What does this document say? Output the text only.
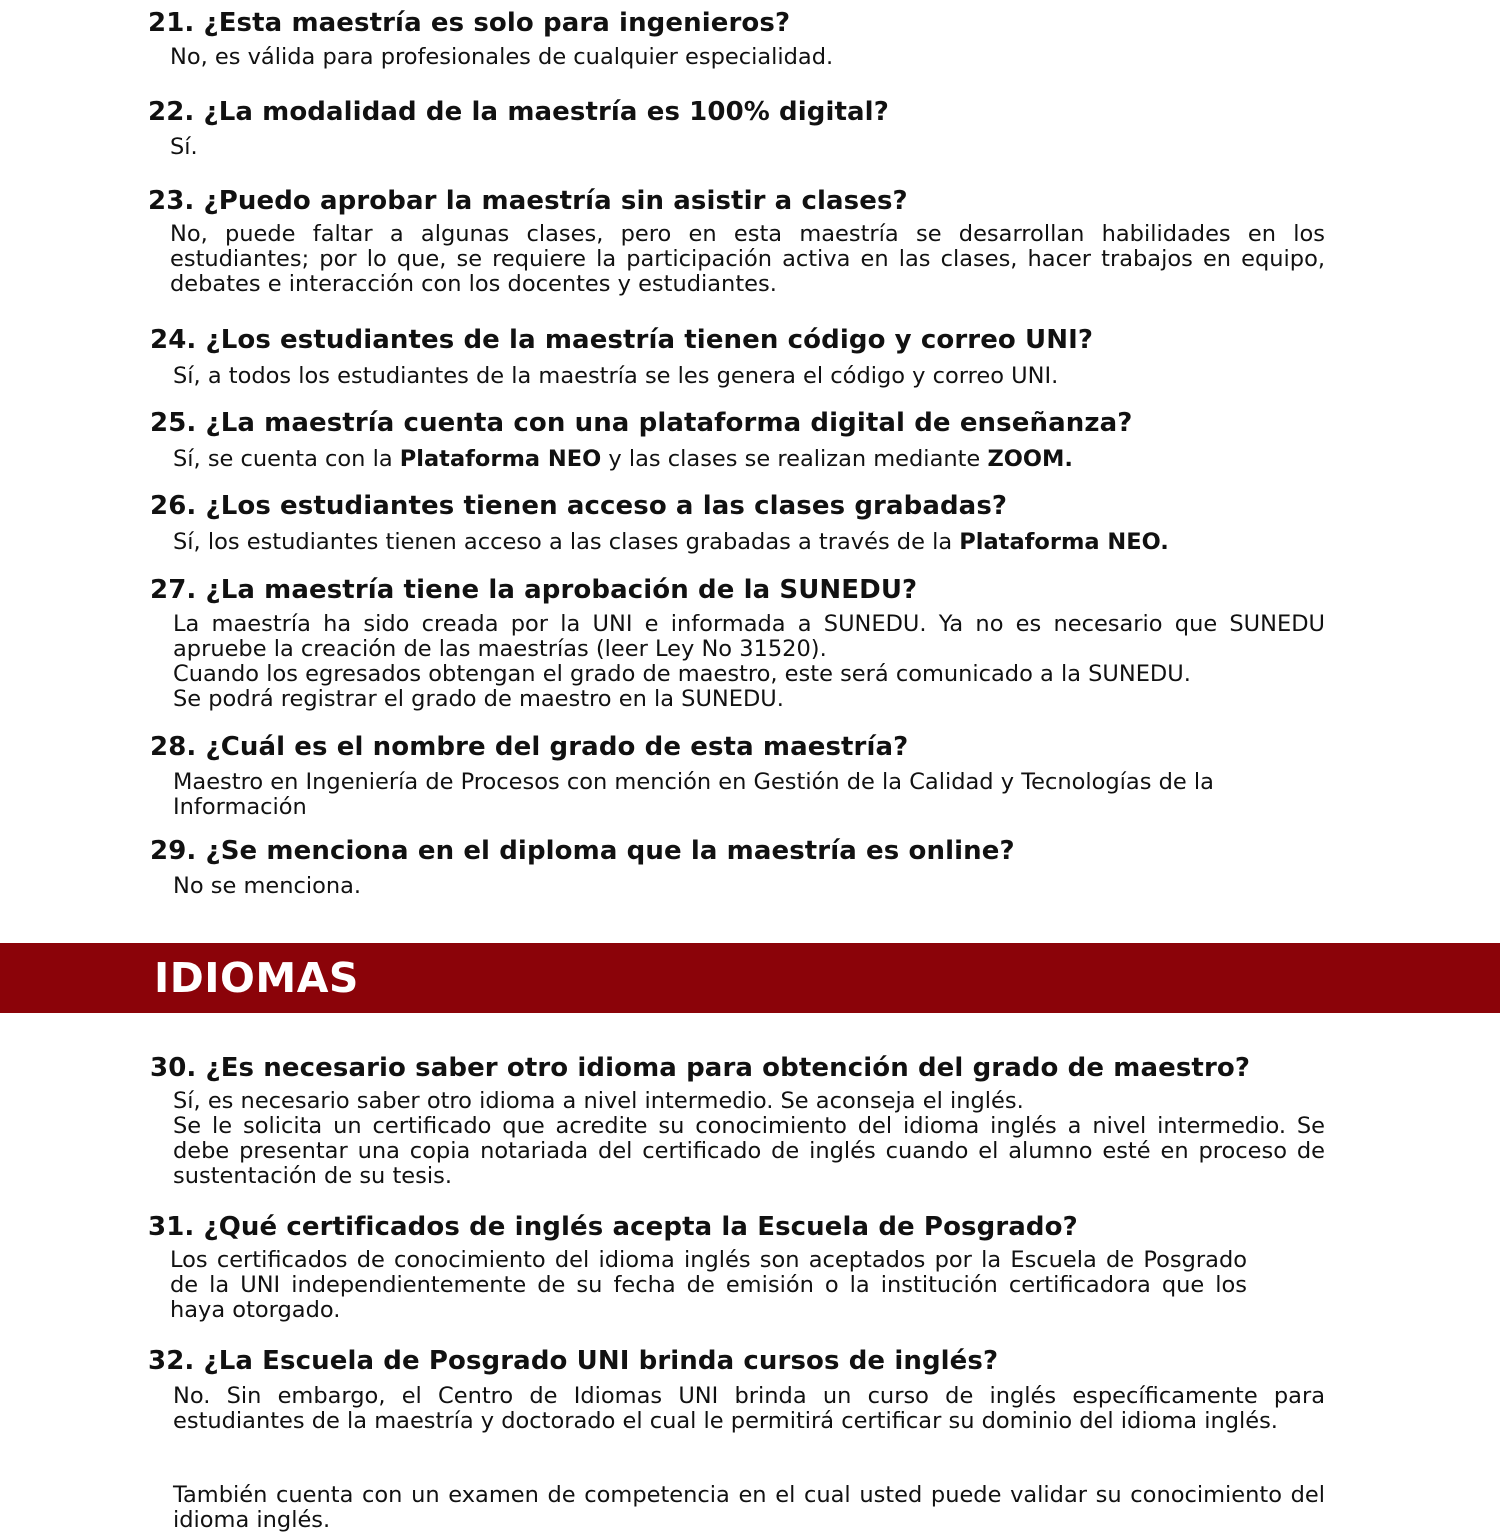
21. ¿Esta maestría es solo para ingenieros?

No, es válida para profesionales de cualquier especialidad.

22. ¿La modalidad de la maestría es 100% digital?

Sí.

23. ¿Puedo aprobar la maestría sin asistir a clases?

No, puede faltar a algunas clases, pero en esta maestría se desarrollan habilidades en los estudiantes; por lo que, se requiere la participación activa en las clases, hacer trabajos en equipo, debates e interacción con los docentes y estudiantes.

24. ¿Los estudiantes de la maestría tienen código y correo UNI?

Sí, a todos los estudiantes de la maestría se les genera el código y correo UNI.

25. ¿La maestría cuenta con una plataforma digital de enseñanza?

Sí, se cuenta con la Plataforma NEO y las clases se realizan mediante ZOOM.

26. ¿Los estudiantes tienen acceso a las clases grabadas?

Sí, los estudiantes tienen acceso a las clases grabadas a través de la Plataforma NEO.

27. ¿La maestría tiene la aprobación de la SUNEDU?
La maestría ha sido creada por la UNI e informada a SUNEDU. Ya no es necesario que SUNEDU apruebe la creación de las maestrías (leer Ley No 31520).
Cuando los egresados obtengan el grado de maestro, este será comunicado a la SUNEDU.
Se podrá registrar el grado de maestro en la SUNEDU.
28. ¿Cuál es el nombre del grado de esta maestría?

Maestro en Ingeniería de Procesos con mención en Gestión de la Calidad y Tecnologías de la Información

29. ¿Se menciona en el diploma que la maestría es online?

No se menciona.

IDIOMAS
30. ¿Es necesario saber otro idioma para obtención del grado de maestro?
Sí, es necesario saber otro idioma a nivel intermedio. Se aconseja el inglés.
Se le solicita un certificado que acredite su conocimiento del idioma inglés a nivel intermedio. Se debe presentar una copia notariada del certificado de inglés cuando el alumno esté en proceso de sustentación de su tesis.
31. ¿Qué certificados de inglés acepta la Escuela de Posgrado?

Los certificados de conocimiento del idioma inglés son aceptados por la Escuela de Posgrado de la UNI independientemente de su fecha de emisión o la institución certificadora que los haya otorgado.

32. ¿La Escuela de Posgrado UNI brinda cursos de inglés?

No. Sin embargo, el Centro de Idiomas UNI brinda un curso de inglés específicamente para estudiantes de la maestría y doctorado el cual le permitirá certificar su dominio del idioma inglés.

También cuenta con un examen de competencia en el cual usted puede validar su conocimiento del idioma inglés.
